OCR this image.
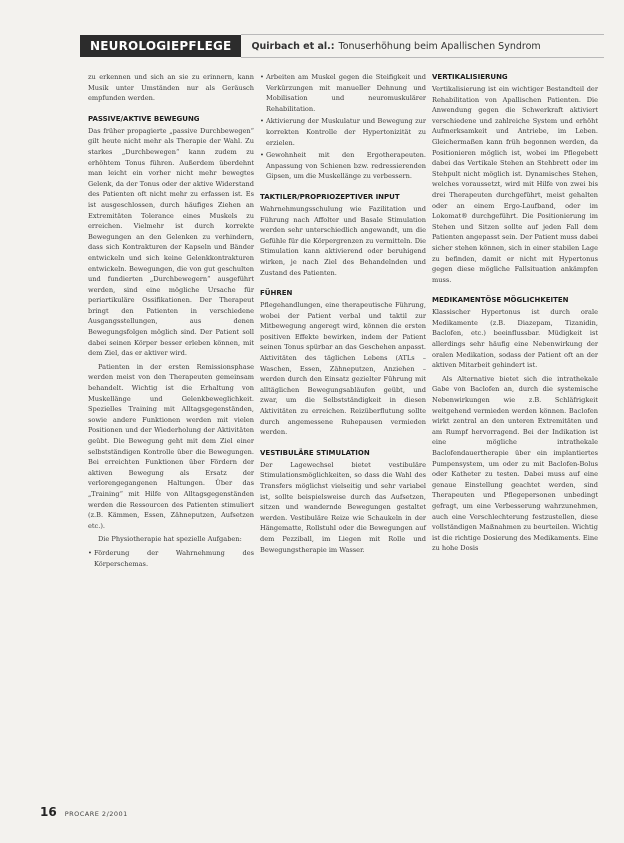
NEUROLOGIEPFLEGE	Quirbach et al.: Tonuserhöhung beim Apallischen Syndrom

zu erkennen und sich an sie zu erinnern, kann Musik unter Umständen nur als Geräusch empfunden werden.

PASSIVE/AKTIVE BEWEGUNG

Das früher propagierte „passive Durchbewegen“ gilt heute nicht mehr als Therapie der Wahl. Zu starkes „Durchbewegen“ kann zudem zu erhöhtem Tonus führen. Außerdem überdehnt man leicht ein vorher nicht mehr bewegtes Gelenk, da der Tonus oder der aktive Widerstand des Patienten oft nicht mehr zu erfassen ist. Es ist ausgeschlossen, durch häufiges Ziehen an Extremitäten Tolerance eines Muskels zu erreichen. Vielmehr ist durch korrekte Bewegungen an den Gelenken zu verhindern, dass sich Kontrakturen der Kapseln und Bänder entwickeln und sich keine Gelenkkontrakturen entwickeln. Bewegungen, die von gut geschulten und fundierten „Durchbewegern“ ausgeführt werden, sind eine mögliche Ursache für periartikuläre Ossifikationen. Der Therapeut bringt den Patienten in verschiedene Ausgangsstellungen, aus denen Bewegungsfolgen möglich sind. Der Patient soll dabei seinen Körper besser erleben können, mit dem Ziel, das er aktiver wird.

Patienten in der ersten Remissionsphase werden meist von den Therapeuten gemeinsam behandelt. Wichtig ist die Erhaltung von Muskellänge und Gelenkbeweglichkeit. Spezielles Training mit Alltagsgegenständen, sowie andere Funktionen werden mit vielen Positionen und der Wiederholung der Aktivitäten geübt. Die Bewegung geht mit dem Ziel einer selbstständigen Kontrolle über die Bewegungen. Bei erreichten Funktionen über Fördern der aktiven Bewegung als Ersatz der verlorengegangenen Haltungen. Über das „Training“ mit Hilfe von Alltagsgegenständen werden die Ressourcen des Patienten stimuliert (z.B. Kämmen, Essen, Zähneputzen, Aufsetzen etc.).

Die Physiotherapie hat spezielle Aufgaben:

• Förderung der Wahrnehmung des Körperschemas.
• Arbeiten am Muskel gegen die Steifigkeit und Verkürzungen mit manueller Dehnung und Mobilisation und neuromuskulärer Rehabilitation.
• Aktivierung der Muskulatur und Bewegung zur korrekten Kontrolle der Hypertonizität zu erzielen.
• Gewohnheit mit den Ergotherapeuten. Anpassung von Schienen bzw. redressierenden Gipsen, um die Muskellänge zu verbessern.
TAKTILER/PROPRIOZEPTIVER INPUT

Wahrnehmungsschulung wie Fazilitation und Führung nach Affolter und Basale Stimulation werden sehr unterschiedlich angewandt, um die Gefühle für die Körpergrenzen zu vermitteln. Die Stimulation kann aktivierend oder beruhigend wirken, je nach Ziel des Behandelnden und Zustand des Patienten.

FÜHREN

Pflegehandlungen, eine therapeutische Führung, wobei der Patient verbal und taktil zur Mitbewegung angeregt wird, können die ersten positiven Effekte bewirken, indem der Patient seinen Tonus spürbar an das Geschehen anpasst. Aktivitäten des täglichen Lebens (ATLs – Waschen, Essen, Zähneputzen, Anziehen – werden durch den Einsatz gezielter Führung mit alltäglichen Bewegungsabläufen geübt, und zwar, um die Selbstständigkeit in diesen Aktivitäten zu erreichen. Reizüberflutung sollte durch angemessene Ruhepausen vermieden werden.

VESTIBULÄRE STIMULATION

Der Lagewechsel bietet vestibuläre Stimulationsmöglichkeiten, so dass die Wahl des Transfers möglichst vielseitig und sehr variabel ist, sollte beispielsweise durch das Aufsetzen, sitzen und wandernde Bewegungen gestaltet werden. Vestibuläre Reize wie Schaukeln in der Hängematte, Rollstuhl oder die Bewegungen auf dem Pezziball, im Liegen mit Rolle und Bewegungstherapie im Wasser.

VERTIKALISIERUNG

Vertikalisierung ist ein wichtiger Bestandteil der Rehabilitation von Apallischen Patienten. Die Anwendung gegen die Schwerkraft aktiviert verschiedene und zahlreiche System und erhöht Aufmerksamkeit und Antriebe, im Leben. Gleichermaßen kann früh begonnen werden, da Positionieren möglich ist, wobei im Pflegebett dabei das Vertikale Stehen an Stehbrett oder im Stehpult nicht möglich ist. Dynamisches Stehen, welches voraussetzt, wird mit Hilfe von zwei bis drei Therapeuten durchgeführt, meist gehalten oder an einem Ergo-Laufband, oder im Lokomat® durchgeführt. Die Positionierung im Stehen und Sitzen sollte auf jeden Fall dem Patienten angepasst sein. Der Patient muss dabei sicher stehen können, sich in einer stabilen Lage zu befinden, damit er nicht mit Hypertonus gegen diese mögliche Fallsituation ankämpfen muss.

MEDIKAMENTÖSE MÖGLICHKEITEN

Klassischer Hypertonus ist durch orale Medikamente (z.B. Diazepam, Tizanidin, Baclofen, etc.) beeinflussbar. Müdigkeit ist allerdings sehr häufig eine Nebenwirkung der oralen Medikation, sodass der Patient oft an der aktiven Mitarbeit gehindert ist.

Als Alternative bietet sich die intrathekale Gabe von Baclofen an, durch die systemische Nebenwirkungen wie z.B. Schläfrigkeit weitgehend vermieden werden können. Baclofen wirkt zentral an den unteren Extremitäten und am Rumpf hervorragend. Bei der Indikation ist eine mögliche intrathekale Baclofendauertherapie über ein implantiertes Pumpensystem, um oder zu mit Baclofen-Bolus oder Katheter zu testen. Dabei muss auf eine genaue Einstellung geachtet werden, sind Therapeuten und Pflegepersonen unbedingt gefragt, um eine Verbesserung wahrzunehmen, auch eine Verschlechterung festzustellen, diese vollständigen Maßnahmen zu beurteilen. Wichtig ist die richtige Dosierung des Medikaments. Eine zu hohe Dosis

16 PROCARE 2/2001
